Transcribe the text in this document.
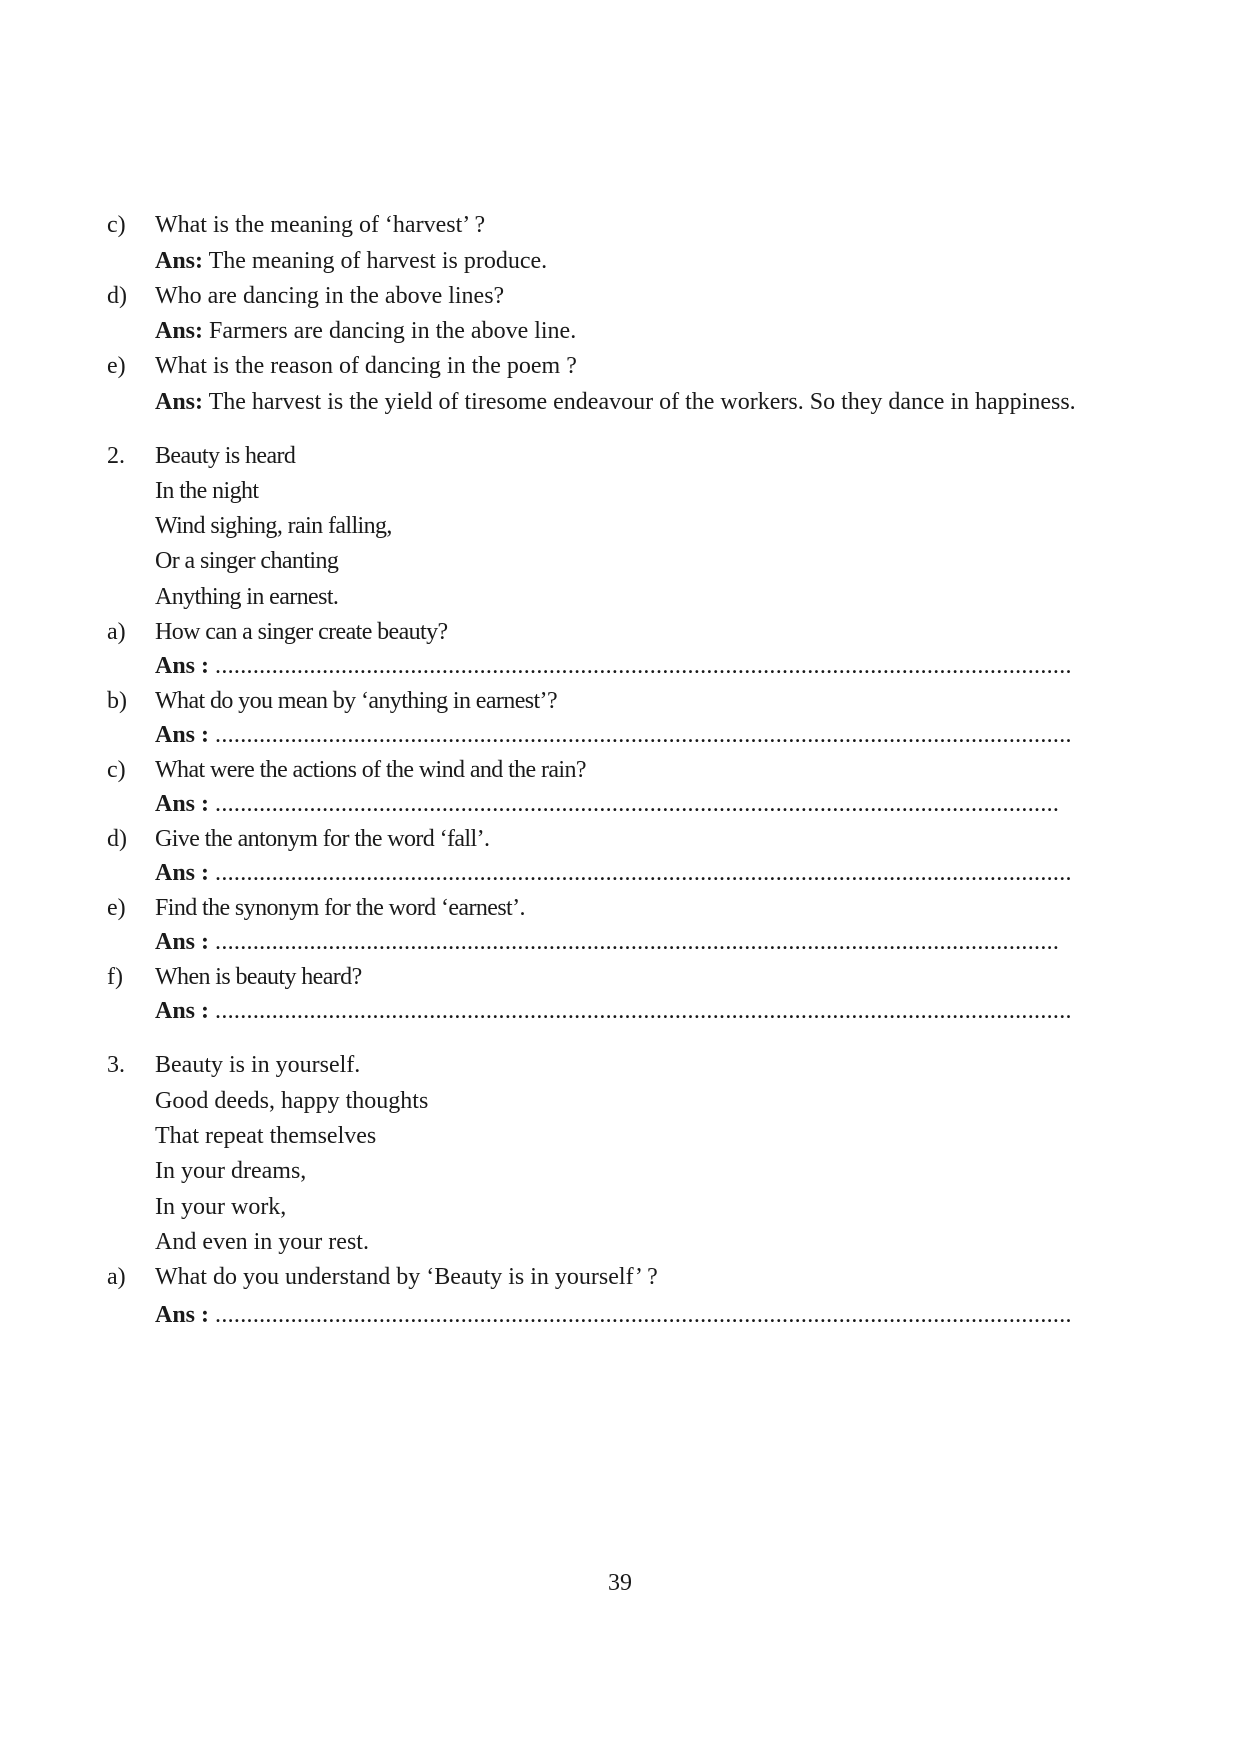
c) What is the meaning of ‘harvest’ ?
Ans: The meaning of harvest is produce.
d) Who are dancing in the above lines?
Ans: Farmers are dancing in the above line.
e) What is the reason of dancing in the poem ?
Ans: The harvest is the yield of tiresome endeavour of the workers. So they dance in happiness.
2. Beauty is heard
In the night
Wind sighing, rain falling,
Or a singer chanting
Anything in earnest.
a) How can a singer create beauty?
Ans : ........................................................................................................................................
b) What do you mean by ‘anything in earnest’?
Ans : ........................................................................................................................................
c) What were the actions of the wind and the rain?
Ans : ......................................................................................................................................
d) Give the antonym for the word ‘fall’.
Ans : ........................................................................................................................................
e) Find the synonym for the word ‘earnest’.
Ans : ......................................................................................................................................
f) When is beauty heard?
Ans : ........................................................................................................................................
3. Beauty is in yourself.
Good deeds, happy thoughts
That repeat themselves
In your dreams,
In your work,
And even in your rest.
a) What do you understand by ‘Beauty is in yourself’ ?
Ans : ........................................................................................................................................
39
